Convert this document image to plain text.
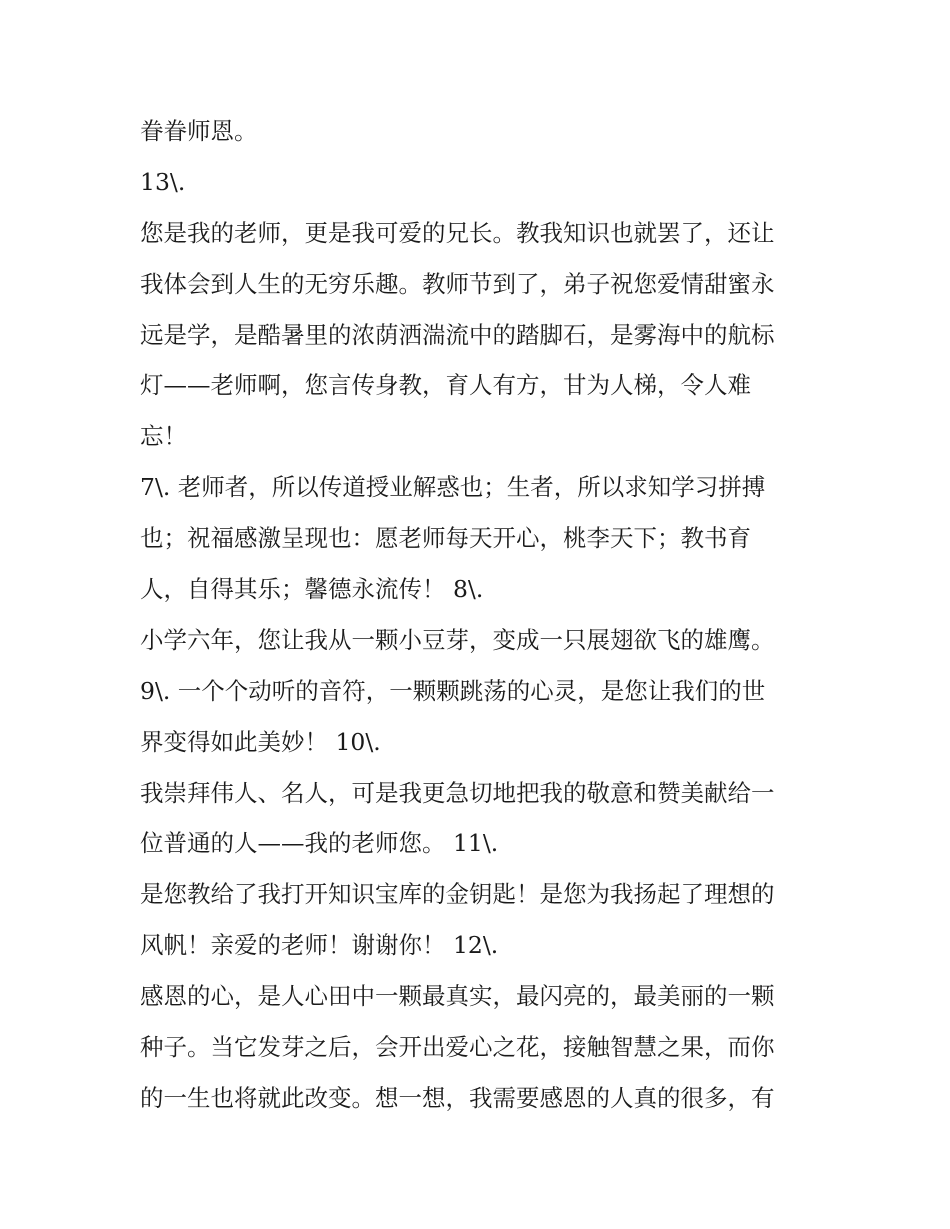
眷眷师恩。
13\.
您是我的老师，更是我可爱的兄长。教我知识也就罢了，还让
我体会到人生的无穷乐趣。教师节到了，弟子祝您爱情甜蜜永
远是学，是酷暑里的浓荫洒湍流中的踏脚石，是雾海中的航标
灯——老师啊，您言传身教，育人有方，甘为人梯，令人难
忘！
7\. 老师者，所以传道授业解惑也；生者，所以求知学习拼搏
也；祝福感激呈现也：愿老师每天开心，桃李天下；教书育
人，自得其乐；馨德永流传！ 8\.
小学六年，您让我从一颗小豆芽，变成一只展翅欲飞的雄鹰。
9\. 一个个动听的音符，一颗颗跳荡的心灵，是您让我们的世
界变得如此美妙！ 10\.
我崇拜伟人、名人，可是我更急切地把我的敬意和赞美献给一
位普通的人——我的老师您。 11\.
是您教给了我打开知识宝库的金钥匙！是您为我扬起了理想的
风帆！亲爱的老师！谢谢你！ 12\.
感恩的心，是人心田中一颗最真实，最闪亮的，最美丽的一颗
种子。当它发芽之后，会开出爱心之花，接触智慧之果，而你
的一生也将就此改变。想一想，我需要感恩的人真的很多，有
